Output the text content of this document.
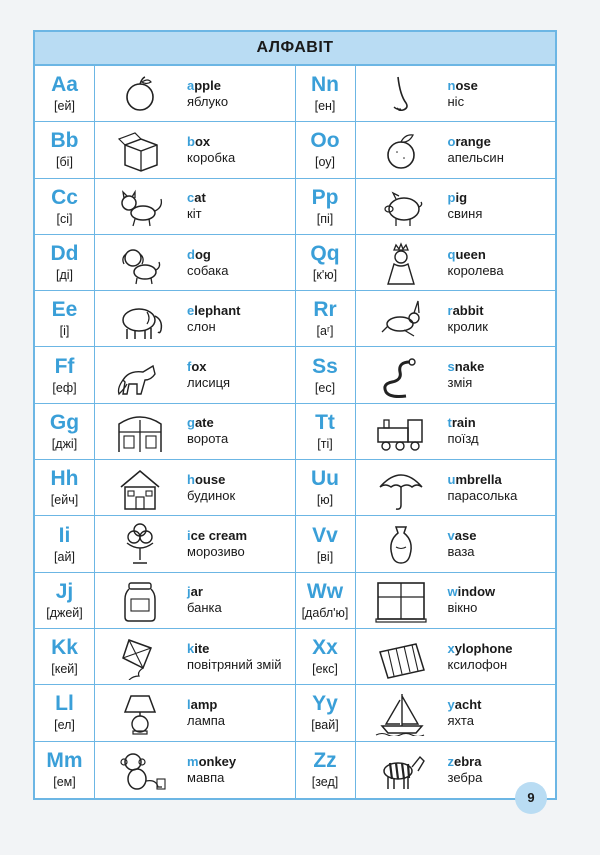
АЛФАВІТ
Aa
[ей]
apple
яблуко
Nn
[ен]
nose
ніс
Bb
[бі]
box
коробка
Oo
[оу]
orange
апельсин
Cc
[сі]
cat
кіт
Pp
[пі]
pig
свиня
Dd
[ді]
dog
собака
Qq
[к'ю]
queen
королева
Ee
[і]
elephant
слон
Rr
[аʳ]
rabbit
кролик
Ff
[еф]
fox
лисиця
Ss
[ес]
snake
змія
Gg
[джі]
gate
ворота
Tt
[ті]
train
поїзд
Hh
[ейч]
house
будинок
Uu
[ю]
umbrella
парасолька
Ii
[ай]
ice cream
морозиво
Vv
[ві]
vase
ваза
Jj
[джей]
jar
банка
Ww
[дабл'ю]
window
вікно
Kk
[кей]
kite
повітряний змій
Xx
[екс]
xylophone
ксилофон
Ll
[ел]
lamp
лампа
Yy
[вай]
yacht
яхта
Mm
[ем]
monkey
мавпа
Zz
[зед]
zebra
зебра
9
